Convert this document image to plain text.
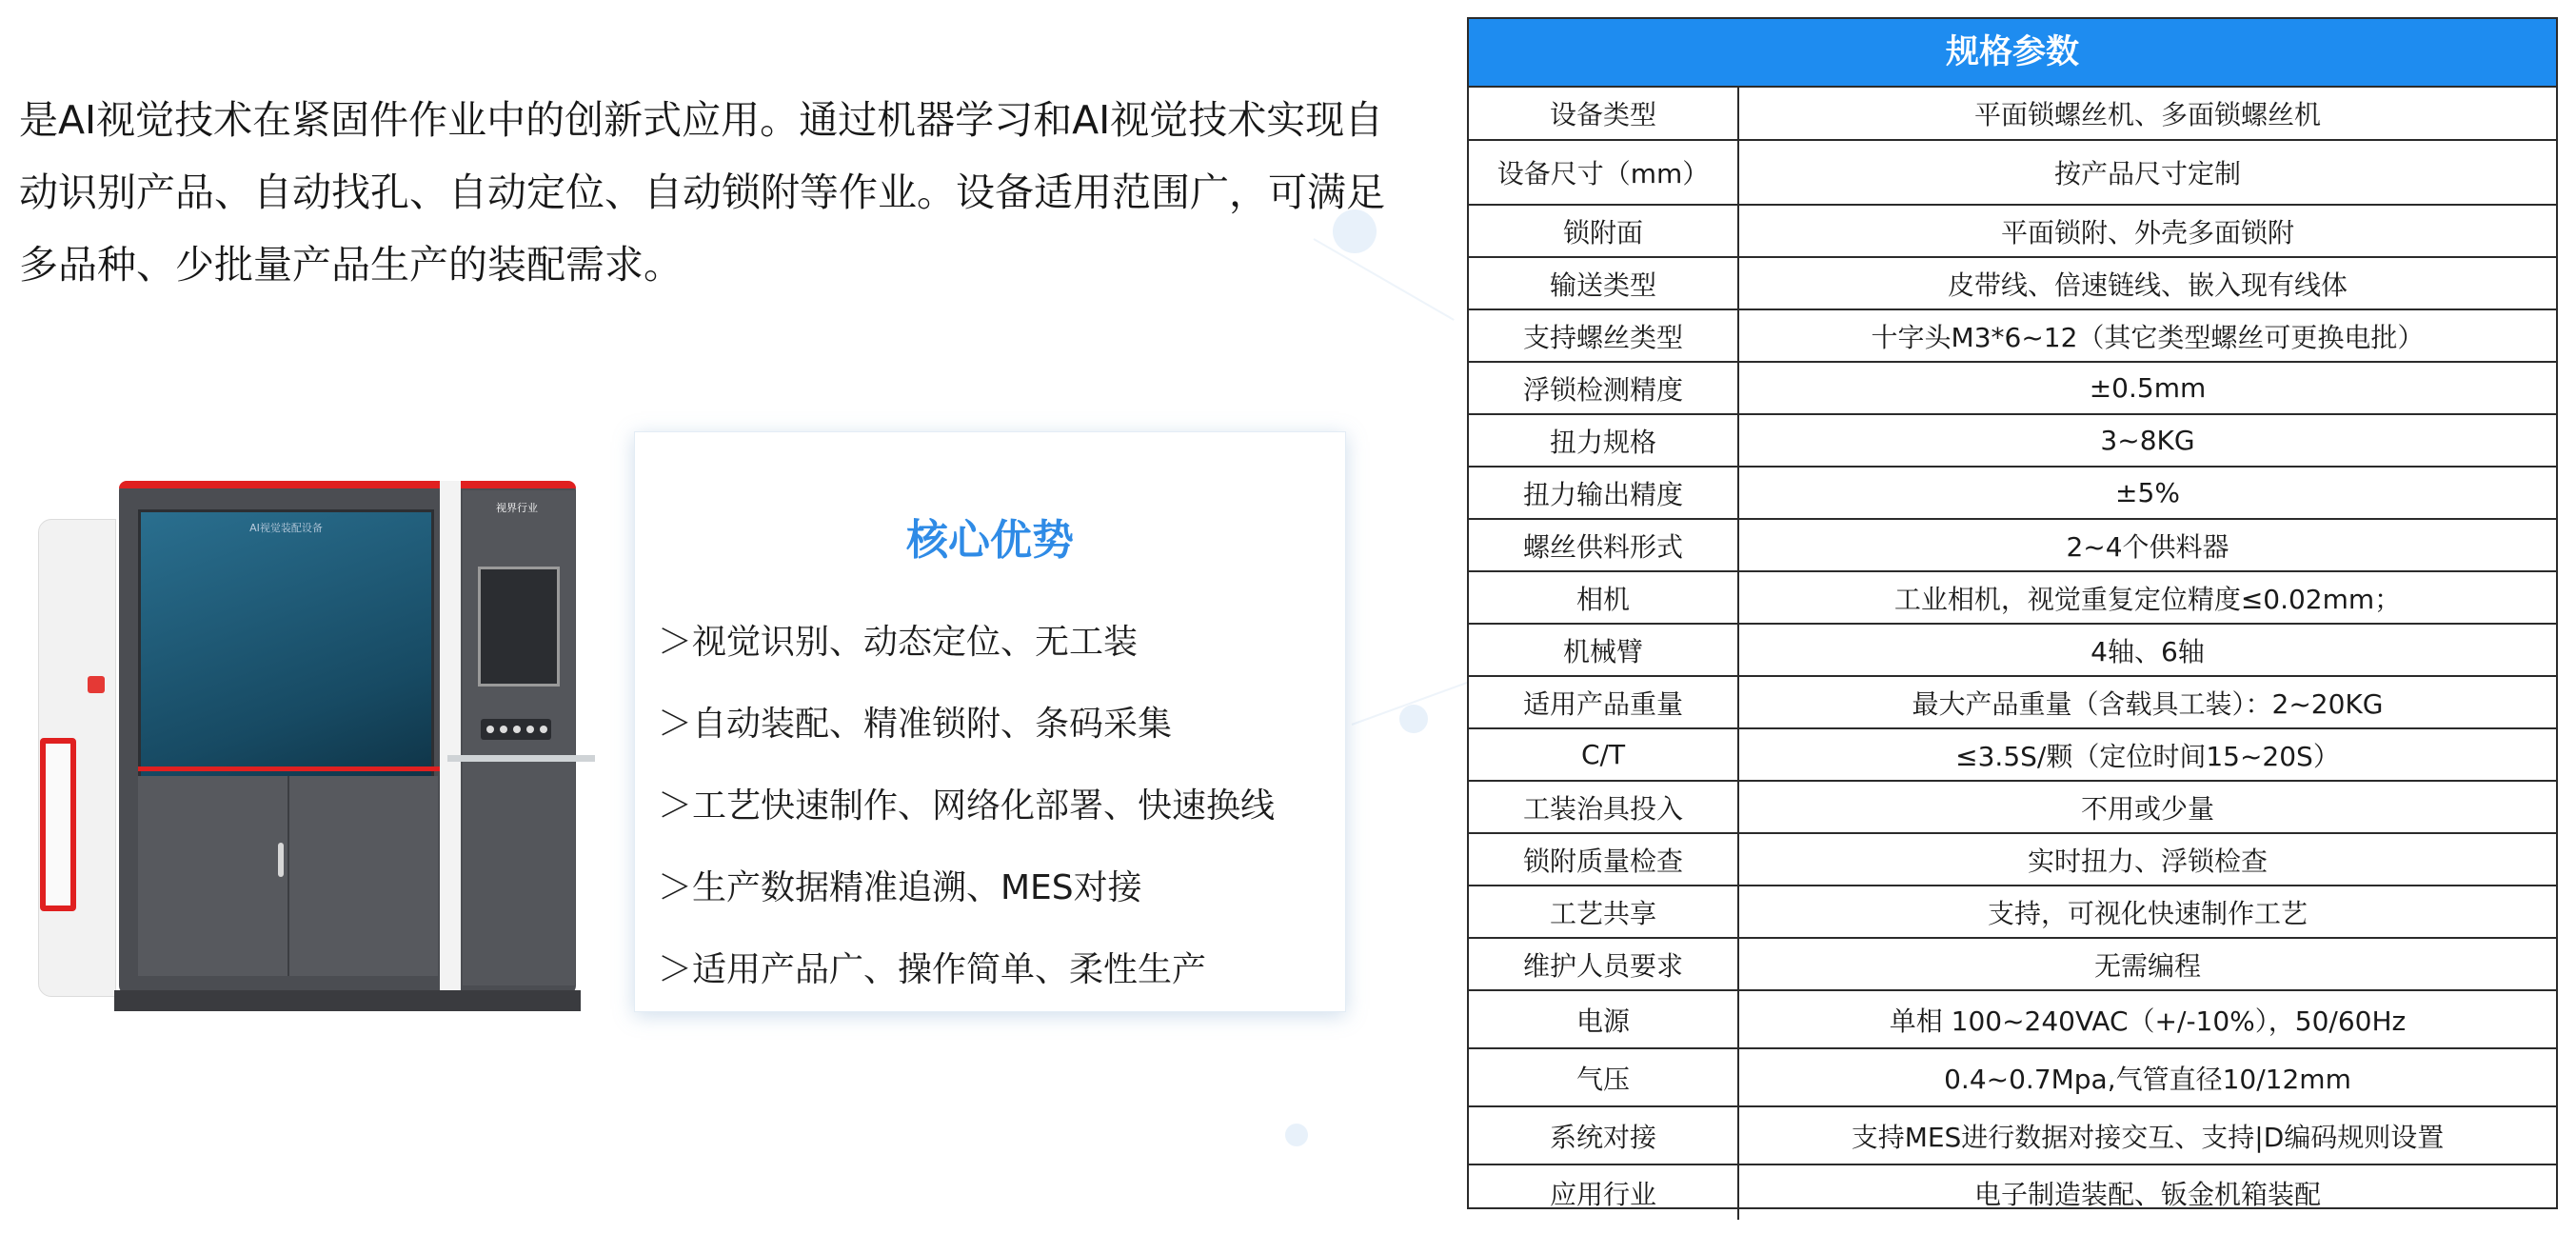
是AI视觉技术在紧固件作业中的创新式应用。通过机器学习和AI视觉技术实现自动识别产品、自动找孔、自动定位、自动锁附等作业。设备适用范围广，可满足多品种、少批量产品生产的装配需求。

AI视觉装配设备
视界行业
核心优势
＞视觉识别、动态定位、无工装
＞自动装配、精准锁附、条码采集
＞工艺快速制作、网络化部署、快速换线
＞生产数据精准追溯、MES对接
＞适用产品广、操作简单、柔性生产
规格参数
设备类型	平面锁螺丝机、多面锁螺丝机
设备尺寸（mm）	按产品尺寸定制
锁附面	平面锁附、外壳多面锁附
输送类型	皮带线、倍速链线、嵌入现有线体
支持螺丝类型	十字头M3*6~12（其它类型螺丝可更换电批）
浮锁检测精度	±0.5mm
扭力规格	3~8KG
扭力输出精度	±5%
螺丝供料形式	2~4个供料器
相机	工业相机，视觉重复定位精度≤0.02mm；
机械臂	4轴、6轴
适用产品重量	最大产品重量（含载具工装）：2~20KG
C/T	≤3.5S/颗（定位时间15~20S）
工装治具投入	不用或少量
锁附质量检查	实时扭力、浮锁检查
工艺共享	支持，可视化快速制作工艺
维护人员要求	无需编程
电源	单相 100~240VAC（+/-10%），50/60Hz
气压	0.4~0.7Mpa,气管直径10/12mm
系统对接	支持MES进行数据对接交互、支持|D编码规则设置
应用行业	电子制造装配、钣金机箱装配
